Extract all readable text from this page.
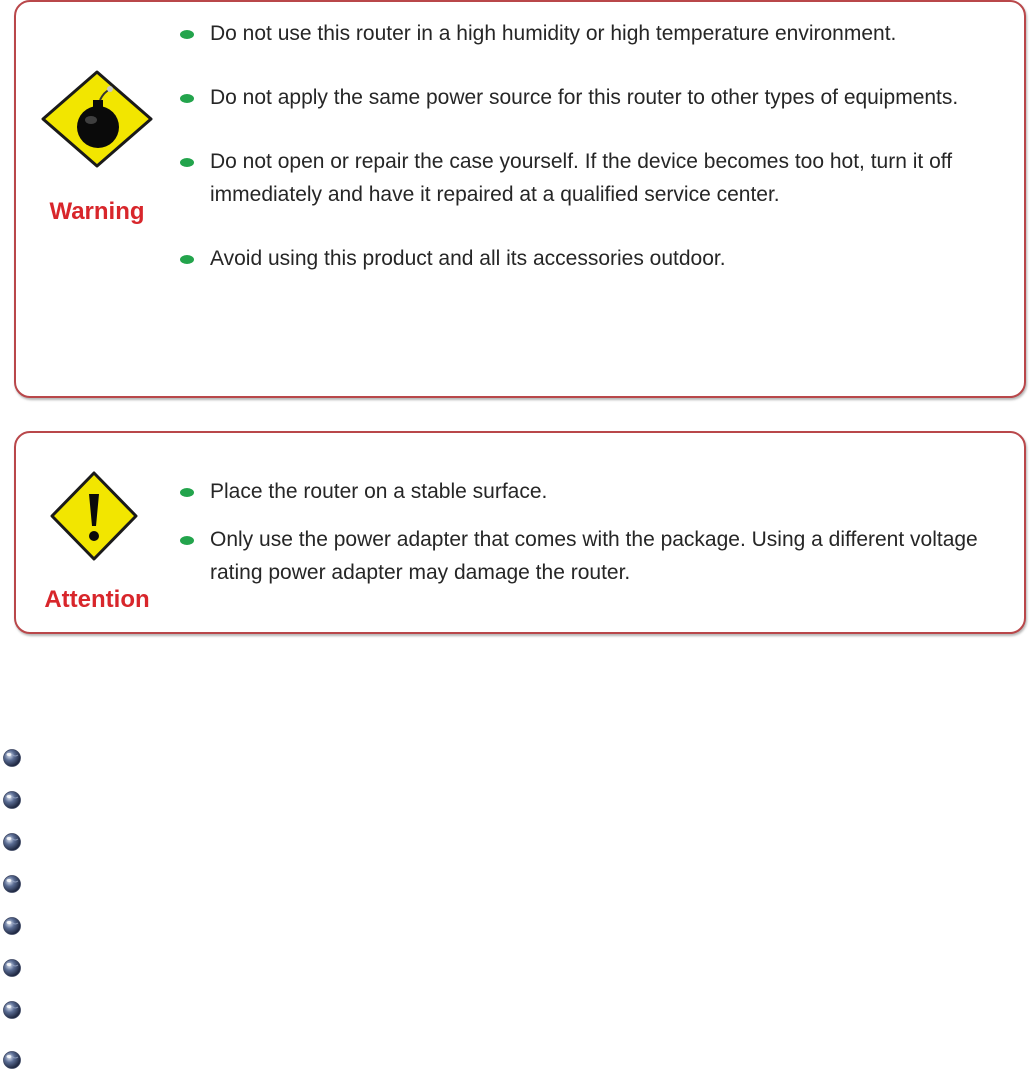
Warning
Do not use this router in a high humidity or high temperature environment.
Do not apply the same power source for this router to other types of equipments.
Do not open or repair the case yourself. If the device becomes too hot, turn it off immediately and have it repaired at a qualified service center.
Avoid using this product and all its accessories outdoor.
Attention
Place the router on a stable surface.
Only use the power adapter that comes with the package. Using a different voltage rating power adapter may damage the router.
